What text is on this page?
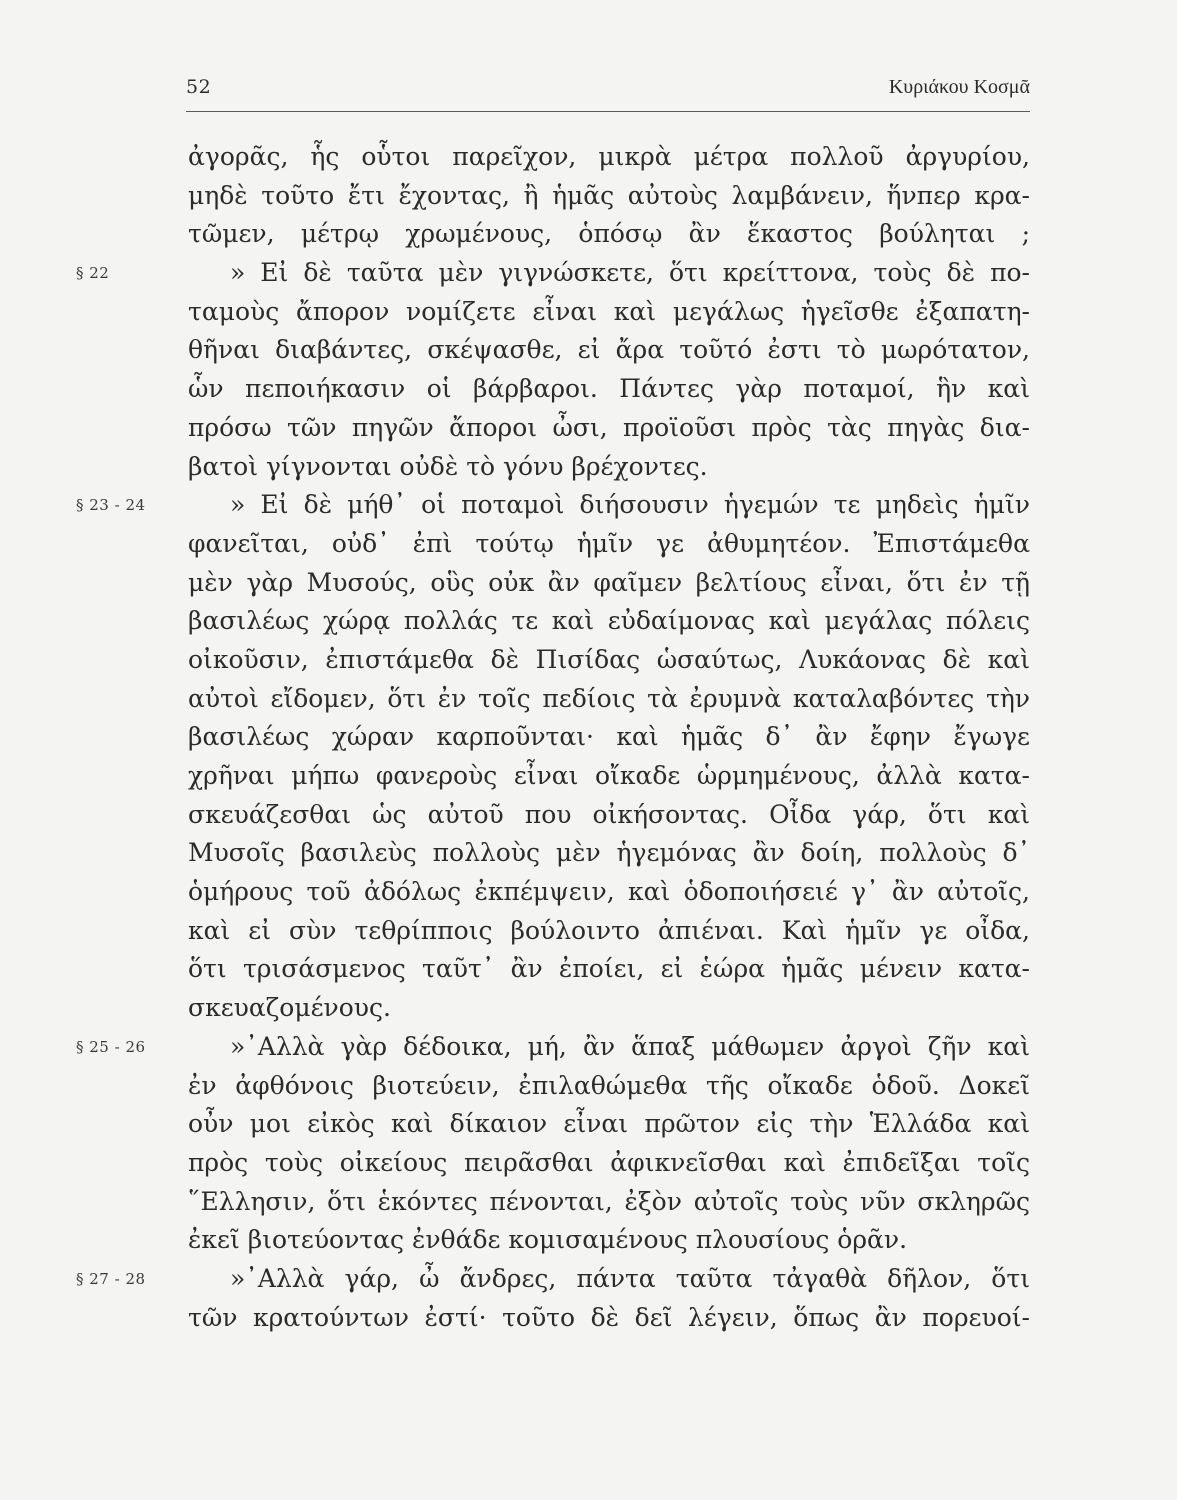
52	Κυριάκου Κοσμᾶ
ἀγορᾶς, ἧς οὗτοι παρεῖχον, μικρὰ μέτρα πολλοῦ ἀργυρίου,
μηδὲ τοῦτο ἔτι ἔχοντας, ἢ ἡμᾶς αὐτοὺς λαμβάνειν, ἥνπερ κρα-
τῶμεν, μέτρῳ χρωμένους, ὁπόσῳ ἂν ἕκαστος βούληται ;
§ 22	» Εἰ δὲ ταῦτα μὲν γιγνώσκετε, ὅτι κρείττονα, τοὺς δὲ πο-
ταμοὺς ἄπορον νομίζετε εἶναι καὶ μεγάλως ἡγεῖσθε ἐξαπατη-
θῆναι διαβάντες, σκέψασθε, εἰ ἄρα τοῦτό ἐστι τὸ μωρότατον,
ὧν πεποιήκασιν οἱ βάρβαροι. Πάντες γὰρ ποταμοί, ἣν καὶ
πρόσω τῶν πηγῶν ἄποροι ὦσι, προϊοῦσι πρὸς τὰς πηγὰς δια-
βατοὶ γίγνονται οὐδὲ τὸ γόνυ βρέχοντες.
§ 23 - 24	» Εἰ δὲ μήθ᾽ οἱ ποταμοὶ διήσουσιν ἡγεμών τε μηδεὶς ἡμῖν
φανεῖται, οὐδ᾽ ἐπὶ τούτῳ ἡμῖν γε ἀθυμητέον. Ἐπιστάμεθα
μὲν γὰρ Μυσούς, οὓς οὐκ ἂν φαῖμεν βελτίους εἶναι, ὅτι ἐν τῇ
βασιλέως χώρᾳ πολλάς τε καὶ εὐδαίμονας καὶ μεγάλας πόλεις
οἰκοῦσιν, ἐπιστάμεθα δὲ Πισίδας ὡσαύτως, Λυκάονας δὲ καὶ
αὐτοὶ εἴδομεν, ὅτι ἐν τοῖς πεδίοις τὰ ἐρυμνὰ καταλαβόντες τὴν
βασιλέως χώραν καρποῦνται· καὶ ἡμᾶς δ᾽ ἂν ἔφην ἔγωγε
χρῆναι μήπω φανεροὺς εἶναι οἴκαδε ὡρμημένους, ἀλλὰ κατα-
σκευάζεσθαι ὡς αὐτοῦ που οἰκήσοντας. Οἶδα γάρ, ὅτι καὶ
Μυσοῖς βασιλεὺς πολλοὺς μὲν ἡγεμόνας ἂν δοίη, πολλοὺς δ᾽
ὁμήρους τοῦ ἀδόλως ἐκπέμψειν, καὶ ὁδοποιήσειέ γ᾽ ἂν αὐτοῖς,
καὶ εἰ σὺν τεθρίπποις βούλοιντο ἀπιέναι. Καὶ ἡμῖν γε οἶδα,
ὅτι τρισάσμενος ταῦτ᾽ ἂν ἐποίει, εἰ ἑώρα ἡμᾶς μένειν κατα-
σκευαζομένους.
§ 25 - 26	»᾽Αλλὰ γὰρ δέδοικα, μή, ἂν ἅπαξ μάθωμεν ἀργοὶ ζῆν καὶ
ἐν ἀφθόνοις βιοτεύειν, ἐπιλαθώμεθα τῆς οἴκαδε ὁδοῦ. Δοκεῖ
οὖν μοι εἰκὸς καὶ δίκαιον εἶναι πρῶτον εἰς τὴν Ἑλλάδα καὶ
πρὸς τοὺς οἰκείους πειρᾶσθαι ἀφικνεῖσθαι καὶ ἐπιδεῖξαι τοῖς
῞Ελλησιν, ὅτι ἑκόντες πένονται, ἐξὸν αὐτοῖς τοὺς νῦν σκληρῶς
ἐκεῖ βιοτεύοντας ἐνθάδε κομισαμένους πλουσίους ὁρᾶν.
§ 27 - 28	»᾽Αλλὰ γάρ, ὦ ἄνδρες, πάντα ταῦτα τἀγαθὰ δῆλον, ὅτι
τῶν κρατούντων ἐστί· τοῦτο δὲ δεῖ λέγειν, ὅπως ἂν πορευοί-
